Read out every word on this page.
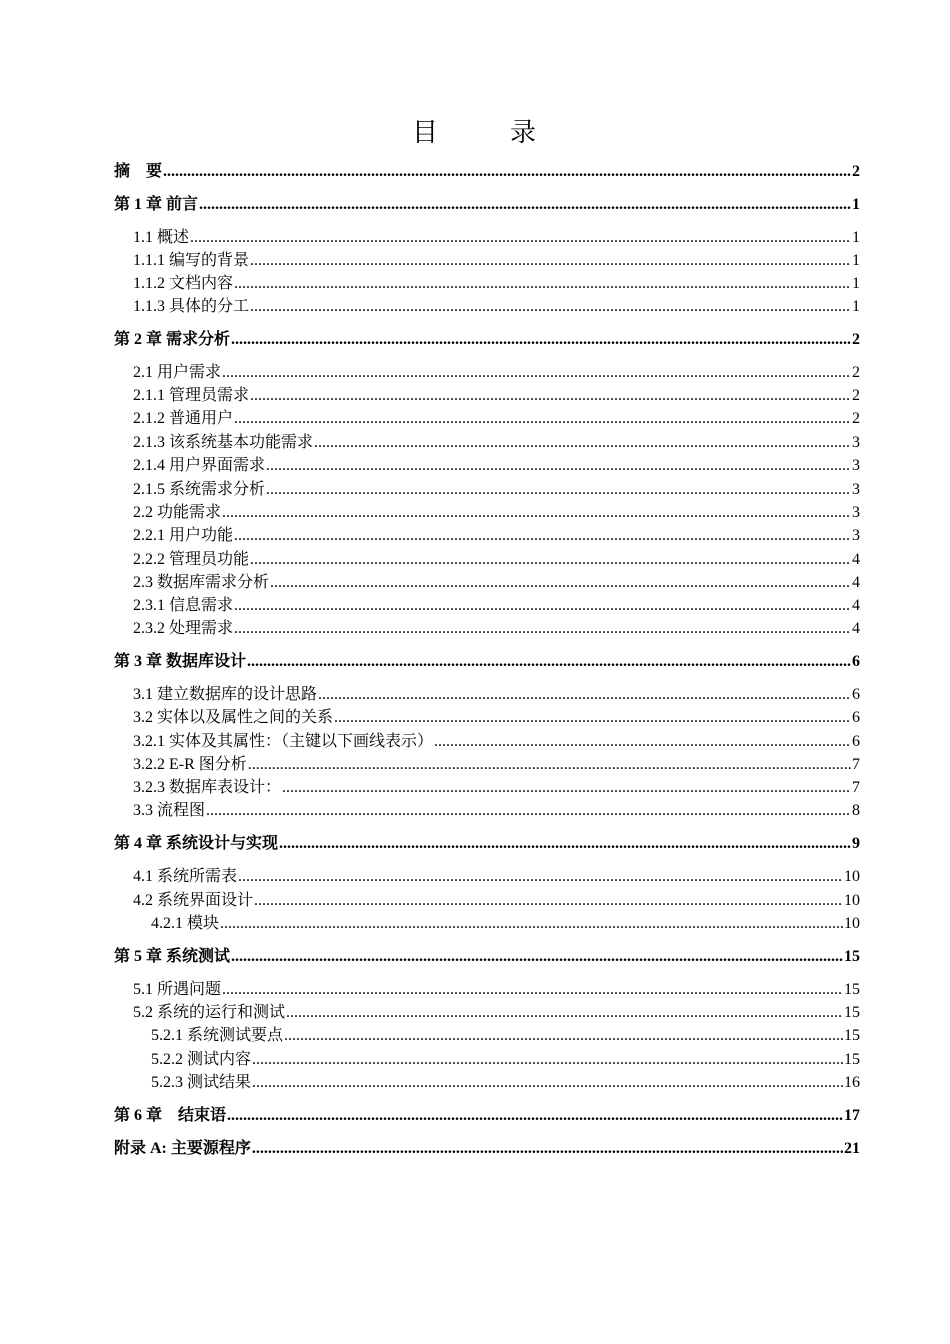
目	录
摘　要 .....	2
第 1 章 前言 .....	1
1.1 概述 .....	1
1.1.1 编写的背景 .....	1
1.1.2 文档内容 .....	1
1.1.3 具体的分工 .....	1
第 2 章 需求分析 .....	2
2.1 用户需求 .....	2
2.1.1 管理员需求 .....	2
2.1.2 普通用户 .....	2
2.1.3 该系统基本功能需求 .....	3
2.1.4 用户界面需求 .....	3
2.1.5 系统需求分析 .....	3
2.2 功能需求 .....	3
2.2.1 用户功能 .....	3
2.2.2 管理员功能 .....	4
2.3 数据库需求分析 .....	4
2.3.1 信息需求 .....	4
2.3.2 处理需求 .....	4
第 3 章 数据库设计 .....	6
3.1 建立数据库的设计思路 .....	6
3.2 实体以及属性之间的关系 .....	6
3.2.1 实体及其属性：（主键以下画线表示） .....	6
3.2.2 E-R 图分析 .....	7
3.2.3 数据库表设计： .....	7
3.3 流程图 .....	8
第 4 章 系统设计与实现 .....	9
4.1 系统所需表 .....	10
4.2 系统界面设计 .....	10
4.2.1 模块 .....	10
第 5 章 系统测试 .....	15
5.1 所遇问题 .....	15
5.2 系统的运行和测试 .....	15
5.2.1 系统测试要点 .....	15
5.2.2 测试内容 .....	15
5.2.3 测试结果 .....	16
第 6 章　结束语 .....	17
附录 A: 主要源程序 .....	21
